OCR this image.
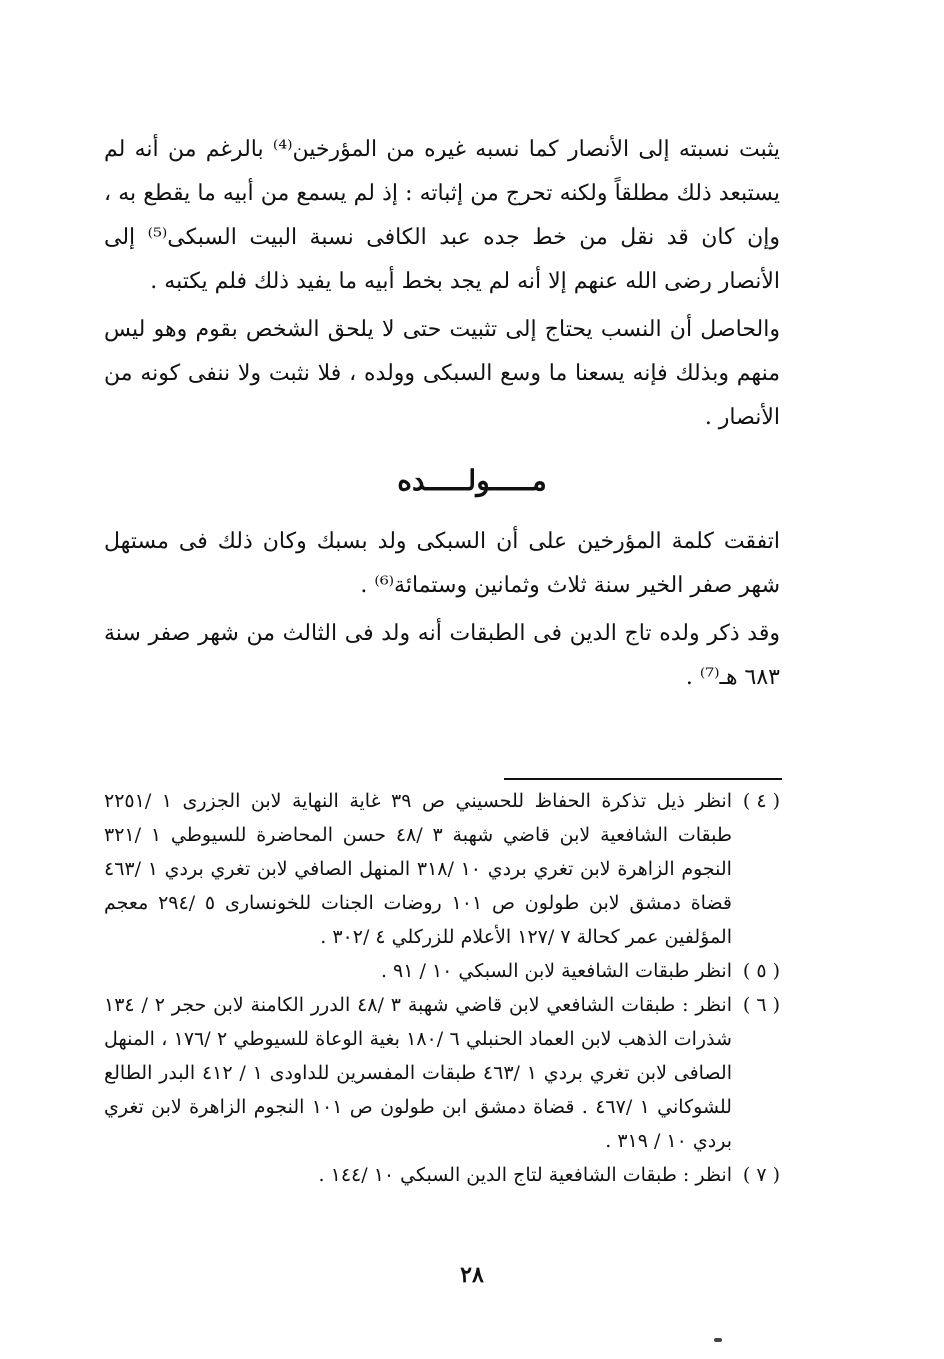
يثبت نسبته إلى الأنصار كما نسبه غيره من المؤرخين⁽⁴⁾ بالرغم من أنه لم يستبعد ذلك مطلقاً ولكنه تحرج من إثباته : إذ لم يسمع من أبيه ما يقطع به ، وإن كان قد نقل من خط جده عبد الكافى نسبة البيت السبكى⁽⁵⁾ إلى الأنصار رضى الله عنهم إلا أنه لم يجد بخط أبيه ما يفيد ذلك فلم يكتبه .

والحاصل أن النسب يحتاج إلى تثبيت حتى لا يلحق الشخص بقوم وهو ليس منهم وبذلك فإنه يسعنا ما وسع السبكى وولده ، فلا نثبت ولا ننفى كونه من الأنصار .

مـــــولـــــده

اتفقت كلمة المؤرخين على أن السبكى ولد بسبك وكان ذلك فى مستهل شهر صفر الخير سنة ثلاث وثمانين وستمائة⁽⁶⁾ .

وقد ذكر ولده تاج الدين فى الطبقات أنه ولد فى الثالث من شهر صفر سنة ٦٨٣ هـ⁽⁷⁾ .

( ٤ )
انظر ذيل تذكرة الحفاظ للحسيني ص ٣٩ غاية النهاية لابن الجزرى ١ /٢٢٥١ طبقات الشافعية لابن قاضي شهبة ٣ /٤٨ حسن المحاضرة للسيوطي ١ /٣٢١ النجوم الزاهرة لابن تغري بردي ١٠ /٣١٨ المنهل الصافي لابن تغري بردي ١ /٤٦٣ قضاة دمشق لابن طولون ص ١٠١ روضات الجنات للخونسارى ٥ /٢٩٤ معجم المؤلفين عمر كحالة ٧ /١٢٧ الأعلام للزركلي ٤ /٣٠٢ .
( ٥ )
انظر طبقات الشافعية لابن السبكي ١٠ / ٩١ .
( ٦ )
انظر : طبقات الشافعي لابن قاضي شهبة ٣ /٤٨ الدرر الكامنة لابن حجر ٢ / ١٣٤ شذرات الذهب لابن العماد الحنبلي ٦ /١٨٠ بغية الوعاة للسيوطي ٢ /١٧٦ ، المنهل الصافى لابن تغري بردي ١ /٤٦٣ طبقات المفسرين للداودى ١ / ٤١٢ البدر الطالع للشوكاني ١ /٤٦٧ . قضاة دمشق ابن طولون ص ١٠١ النجوم الزاهرة لابن تغري بردي ١٠ / ٣١٩ .
( ٧ )
انظر : طبقات الشافعية لتاج الدين السبكي ١٠ /١٤٤ .
٢٨
